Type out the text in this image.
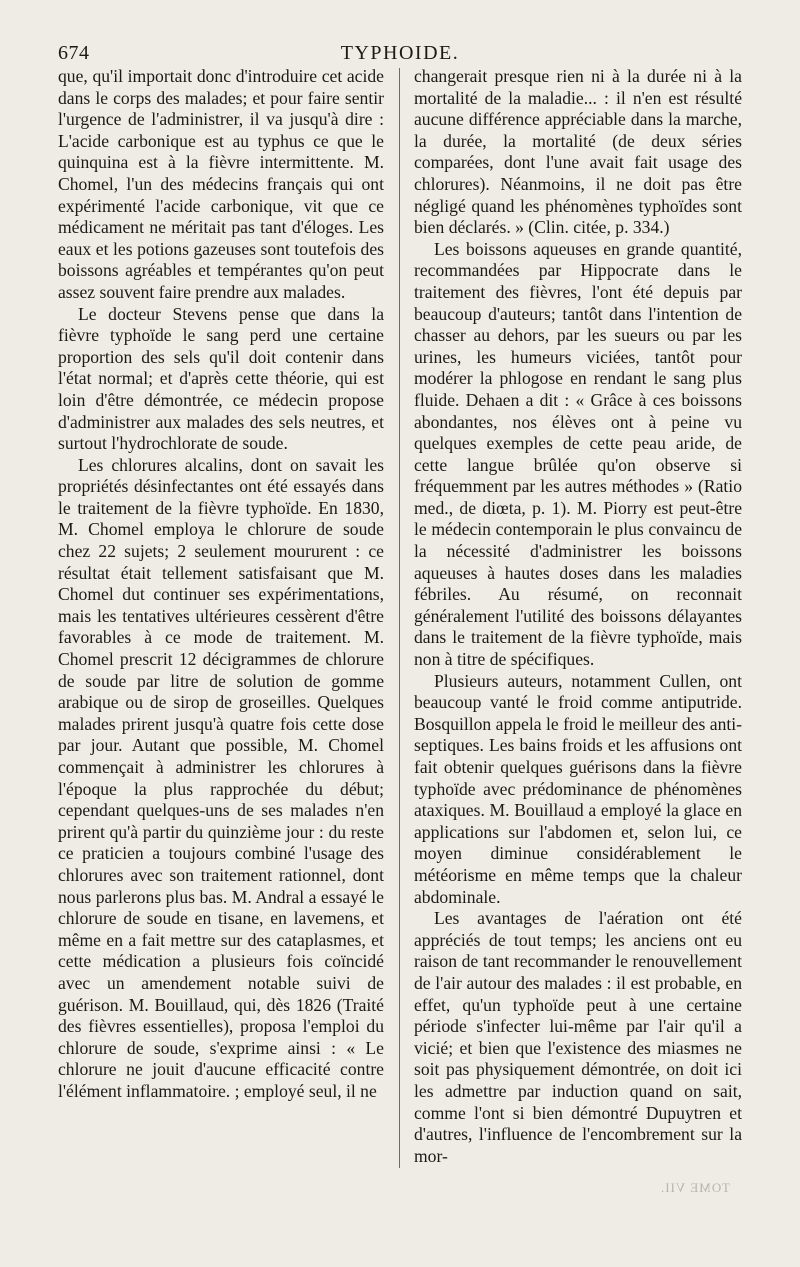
674	TYPHOIDE.

que, qu'il importait donc d'introduire cet acide dans le corps des malades; et pour faire sentir l'urgence de l'administrer, il va jusqu'à dire : L'acide carbonique est au typhus ce que le quinquina est à la fièvre intermittente. M. Chomel, l'un des médecins français qui ont expérimenté l'acide carbonique, vit que ce médicament ne méritait pas tant d'éloges. Les eaux et les potions gazeuses sont toutefois des boissons agréables et tempérantes qu'on peut assez souvent faire prendre aux malades.

Le docteur Stevens pense que dans la fièvre typhoïde le sang perd une certaine proportion des sels qu'il doit contenir dans l'état normal; et d'après cette théorie, qui est loin d'être démontrée, ce médecin propose d'administrer aux malades des sels neutres, et surtout l'hydrochlorate de soude.

Les chlorures alcalins, dont on savait les propriétés désinfectantes ont été essayés dans le traitement de la fièvre typhoïde. En 1830, M. Chomel employa le chlorure de soude chez 22 sujets; 2 seulement moururent : ce résultat était tellement satisfaisant que M. Chomel dut continuer ses expérimentations, mais les tentatives ultérieures cessèrent d'être favorables à ce mode de traitement. M. Chomel prescrit 12 décigrammes de chlorure de soude par litre de solution de gomme arabique ou de sirop de groseilles. Quelques malades prirent jusqu'à quatre fois cette dose par jour. Autant que possible, M. Chomel commençait à administrer les chlorures à l'époque la plus rapprochée du début; cependant quelques-uns de ses malades n'en prirent qu'à partir du quinzième jour : du reste ce praticien a toujours combiné l'usage des chlorures avec son traitement rationnel, dont nous parlerons plus bas. M. Andral a essayé le chlorure de soude en tisane, en lavemens, et même en a fait mettre sur des cataplasmes, et cette médication a plusieurs fois coïncidé avec un amendement notable suivi de guérison. M. Bouillaud, qui, dès 1826 (Traité des fièvres essentielles), proposa l'emploi du chlorure de soude, s'exprime ainsi : « Le chlorure ne jouit d'aucune efficacité contre l'élément inflammatoire. ; employé seul, il ne

changerait presque rien ni à la durée ni à la mortalité de la maladie... : il n'en est résulté aucune différence appréciable dans la marche, la durée, la mortalité (de deux séries comparées, dont l'une avait fait usage des chlorures). Néanmoins, il ne doit pas être négligé quand les phénomènes typhoïdes sont bien déclarés. » (Clin. citée, p. 334.)

Les boissons aqueuses en grande quantité, recommandées par Hippocrate dans le traitement des fièvres, l'ont été depuis par beaucoup d'auteurs; tantôt dans l'intention de chasser au dehors, par les sueurs ou par les urines, les humeurs viciées, tantôt pour modérer la phlogose en rendant le sang plus fluide. Dehaen a dit : « Grâce à ces boissons abondantes, nos élèves ont à peine vu quelques exemples de cette peau aride, de cette langue brûlée qu'on observe si fréquemment par les autres méthodes » (Ratio med., de diœta, p. 1). M. Piorry est peut-être le médecin contemporain le plus convaincu de la nécessité d'administrer les boissons aqueuses à hautes doses dans les maladies fébriles. Au résumé, on reconnait généralement l'utilité des boissons délayantes dans le traitement de la fièvre typhoïde, mais non à titre de spécifiques.

Plusieurs auteurs, notamment Cullen, ont beaucoup vanté le froid comme antiputride. Bosquillon appela le froid le meilleur des anti-septiques. Les bains froids et les affusions ont fait obtenir quelques guérisons dans la fièvre typhoïde avec prédominance de phénomènes ataxiques. M. Bouillaud a employé la glace en applications sur l'abdomen et, selon lui, ce moyen diminue considérablement le météorisme en même temps que la chaleur abdominale.

Les avantages de l'aération ont été appréciés de tout temps; les anciens ont eu raison de tant recommander le renouvellement de l'air autour des malades : il est probable, en effet, qu'un typhoïde peut à une certaine période s'infecter lui-même par l'air qu'il a vicié; et bien que l'existence des miasmes ne soit pas physiquement démontrée, on doit ici les admettre par induction quand on sait, comme l'ont si bien démontré Dupuytren et d'autres, l'influence de l'encombrement sur la mor-

TOME VII.
